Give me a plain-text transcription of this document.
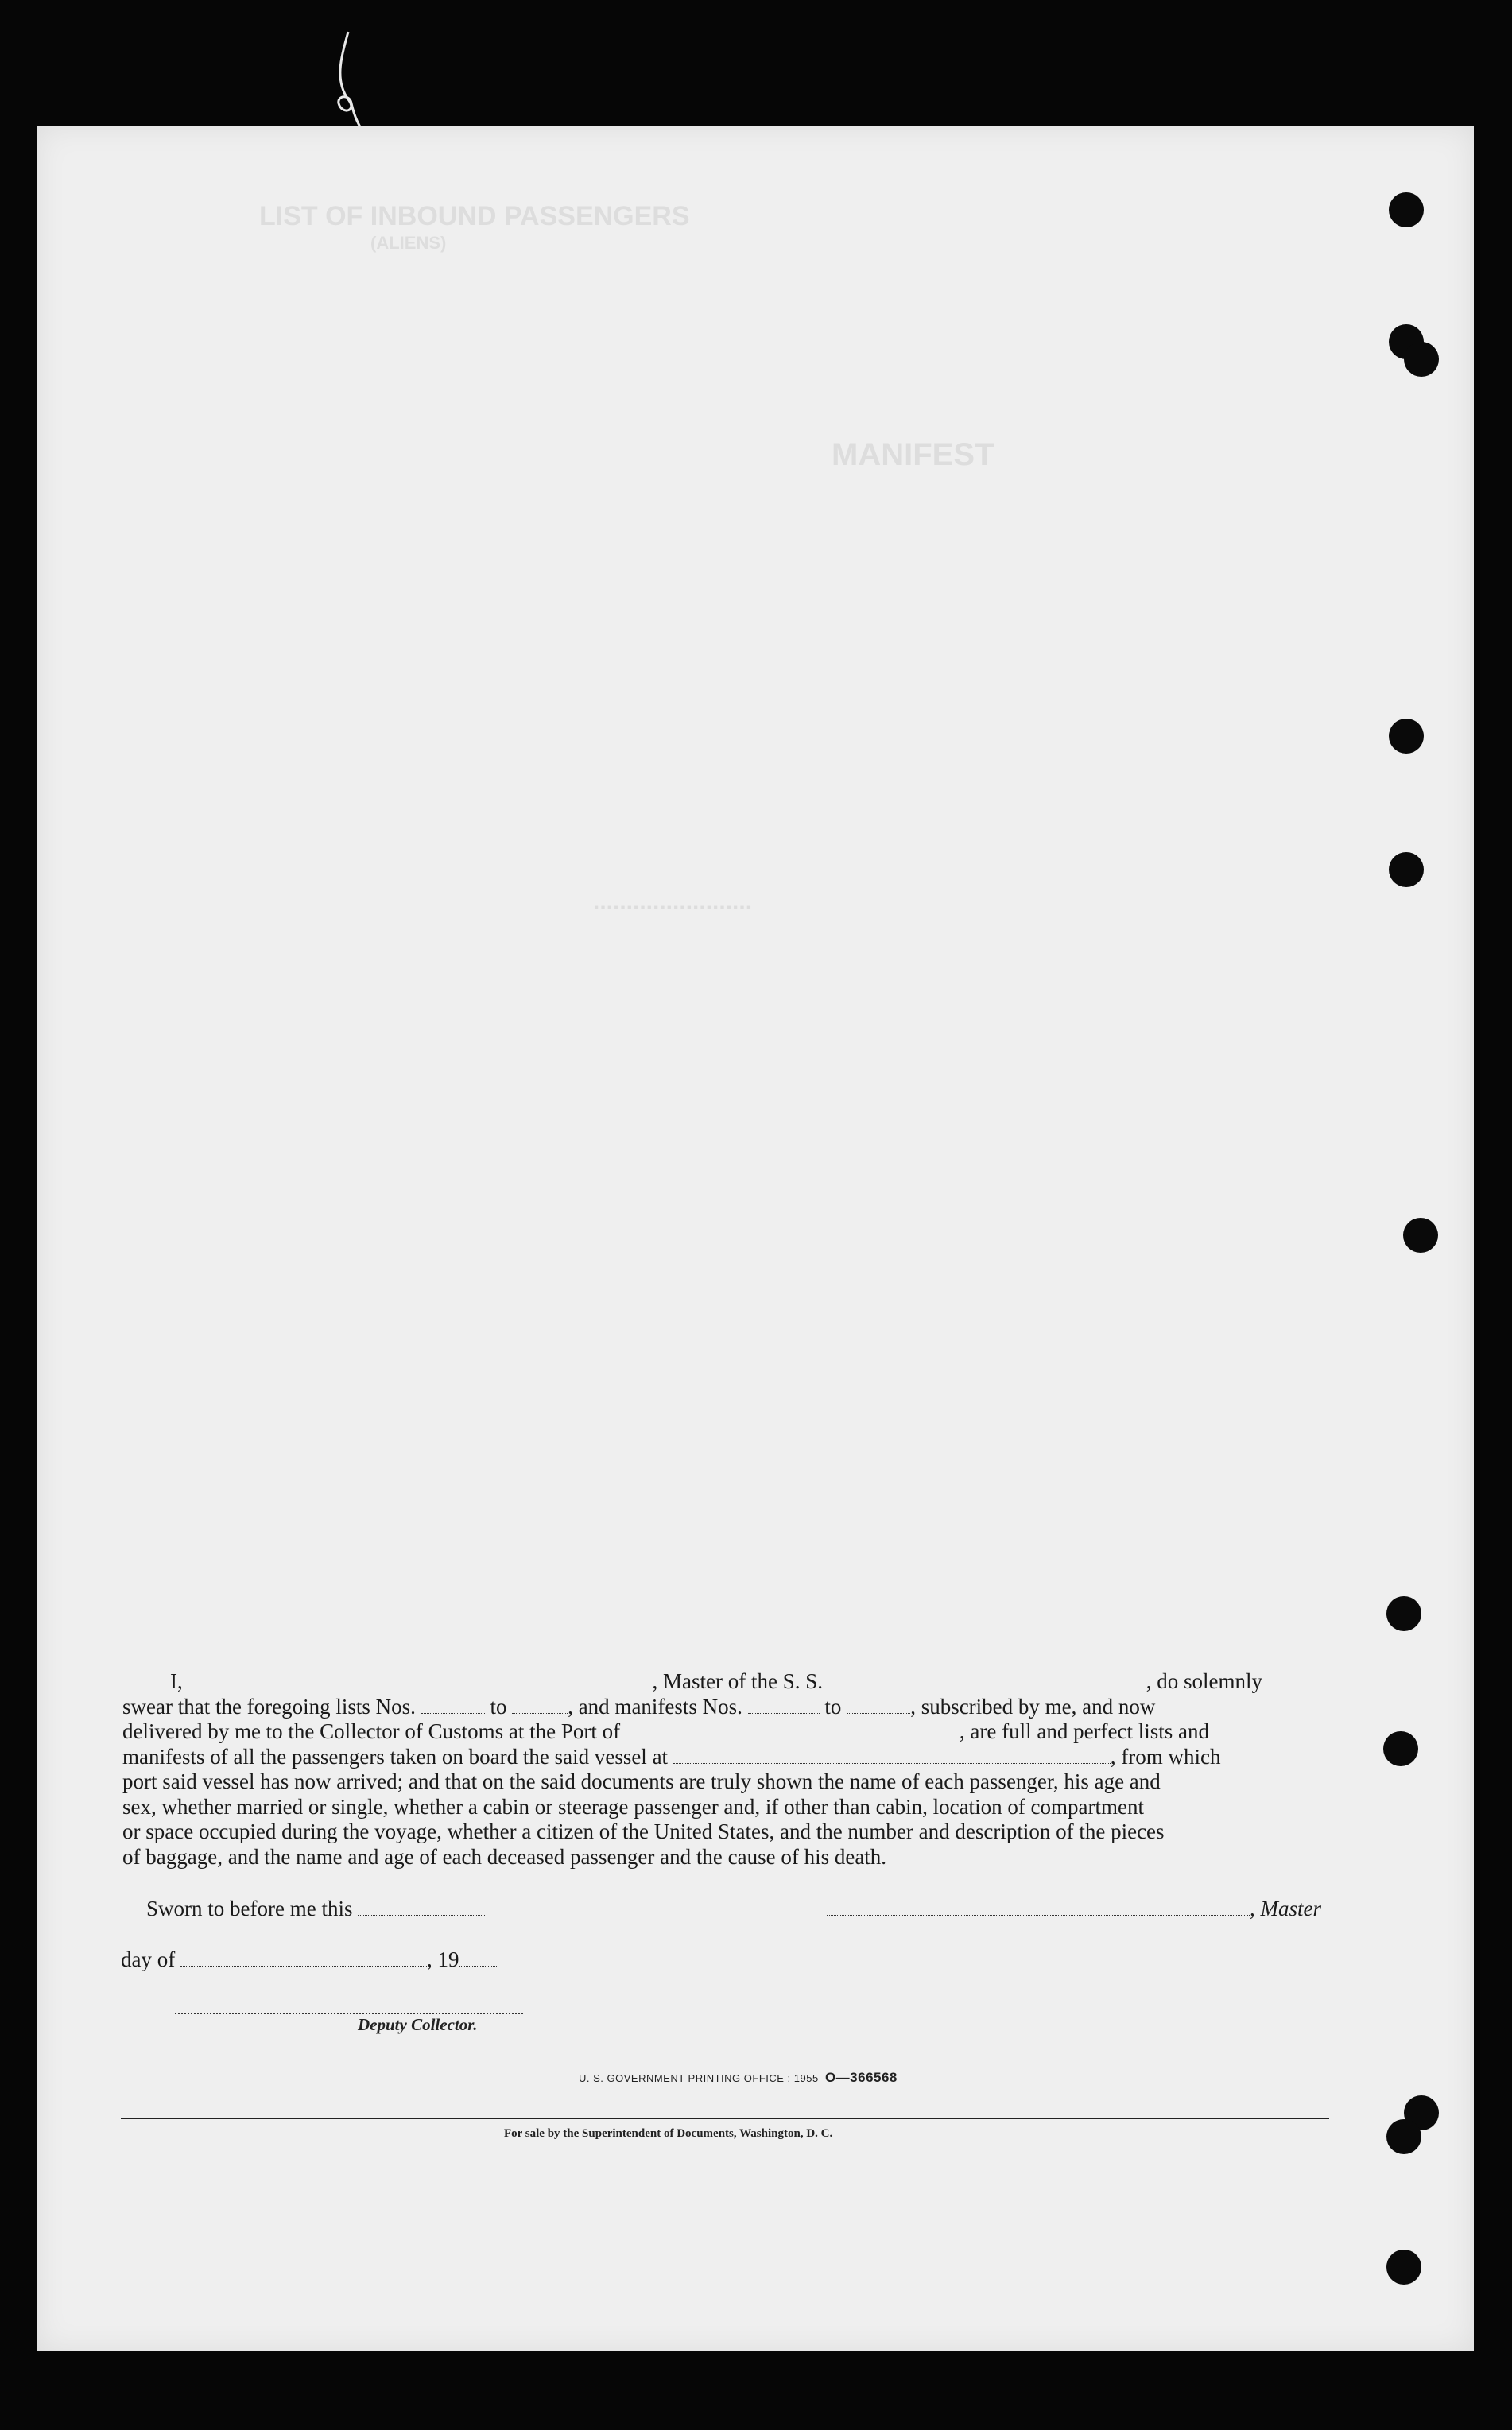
LIST OF INBOUND PASSENGERS
(ALIENS)
MANIFEST
........................
I,	, Master of the S. S.	, do solemnly
swear that the foregoing lists Nos.	to	, and manifests Nos.	to	, subscribed by me, and now
delivered by me to the Collector of Customs at the Port of	, are full and perfect lists and
manifests of all the passengers taken on board the said vessel at	, from which
port said vessel has now arrived; and that on the said documents are truly shown the name of each passenger, his age and
sex, whether married or single, whether a cabin or steerage passenger and, if other than cabin, location of compartment
or space occupied during the voyage, whether a citizen of the United States, and the number and description of the pieces
of baggage, and the name and age of each deceased passenger and the cause of his death.
Sworn to before me this	, Master
day of	, 19
Deputy Collector.
U. S. GOVERNMENT PRINTING OFFICE : 1955 O—366568
For sale by the Superintendent of Documents, Washington, D. C.
